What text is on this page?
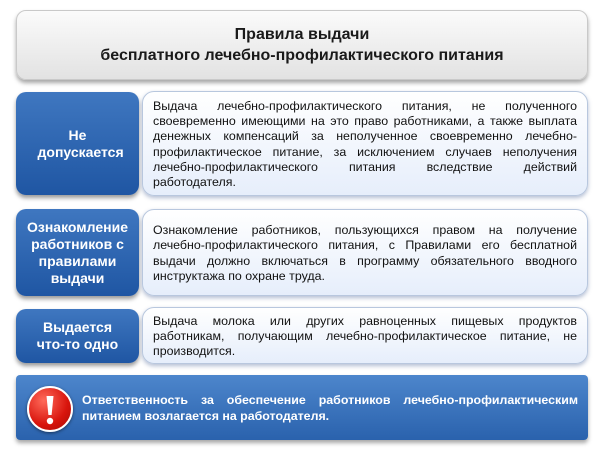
Правила выдачи
бесплатного лечебно-профилактического питания
Не допускается
Выдача лечебно-профилактического питания, не полученного своевременно имеющими на это право работниками, а также выплата денежных компенсаций за неполученное своевременно лечебно-профилактическое питание, за исключением случаев неполучения лечебно-профилактического питания вследствие действий работодателя.
Ознакомление работников с правилами выдачи
Ознакомление работников, пользующихся правом на получение лечебно-профилактического питания, с Правилами его бесплатной выдачи должно включаться в программу обязательного вводного инструктажа по охране труда.
Выдается что-то одно
Выдача молока или других равноценных пищевых продуктов работникам, получающим лечебно-профилактическое питание, не производится.
Ответственность за обеспечение работников лечебно-профилактическим питанием возлагается на работодателя.
